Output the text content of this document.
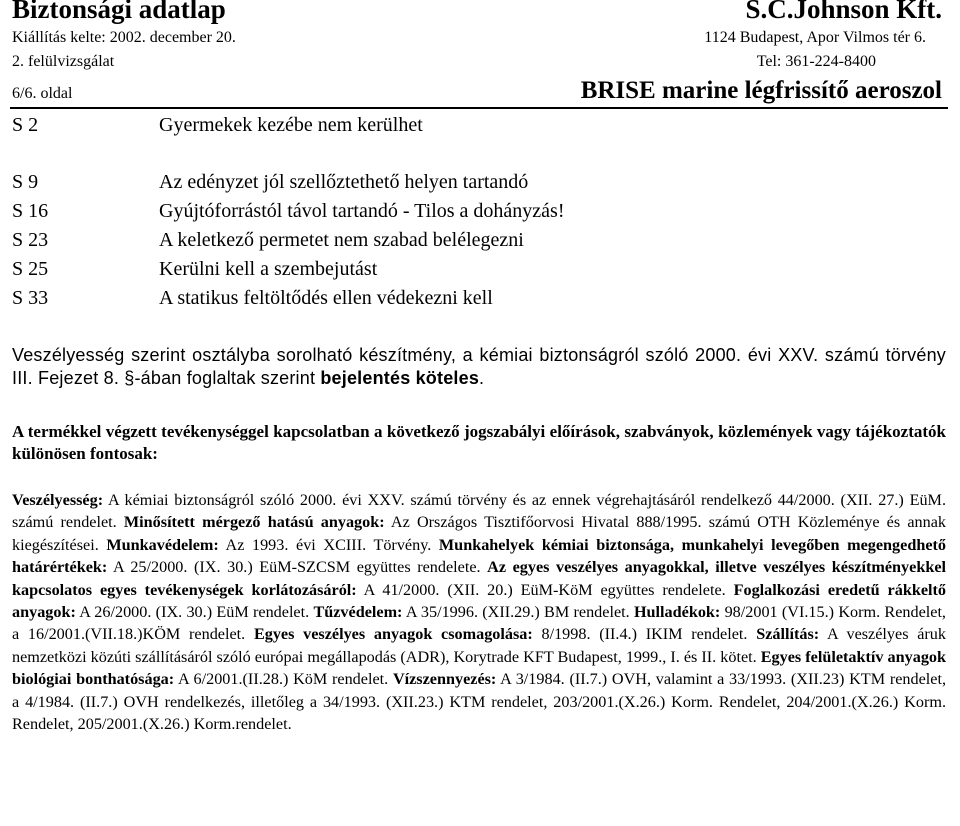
Biztonsági adatlap	S.C.Johnson Kft.
Kiállítás kelte: 2002. december 20.	1124 Budapest, Apor Vilmos tér 6.
2. felülvizsgálat	Tel: 361-224-8400
6/6. oldal	BRISE marine légfrissítő aeroszol
S 2	Gyermekek kezébe nem kerülhet
S 9	Az edényzet jól szellőztethető helyen tartandó
S 16	Gyújtóforrástól távol tartandó - Tilos a dohányzás!
S 23	A keletkező permetet nem szabad belélegezni
S 25	Kerülni kell a szembejutást
S 33	A statikus feltöltődés ellen védekezni kell
Veszélyesség szerint osztályba sorolható készítmény, a kémiai biztonságról szóló 2000. évi XXV. számú törvény III. Fejezet 8. §-ában foglaltak szerint bejelentés köteles.
A termékkel végzett tevékenységgel kapcsolatban a következő jogszabályi előírások, szabványok, közlemények vagy tájékoztatók különösen fontosak:
Veszélyesség: A kémiai biztonságról szóló 2000. évi XXV. számú törvény és az ennek végrehajtásáról rendelkező 44/2000. (XII. 27.) EüM. számú rendelet. Minősített mérgező hatású anyagok: Az Országos Tisztifőorvosi Hivatal 888/1995. számú OTH Közleménye és annak kiegészítései. Munkavédelem: Az 1993. évi XCIII. Törvény. Munkahelyek kémiai biztonsága, munkahelyi levegőben megengedhető határértékek: A 25/2000. (IX. 30.) EüM-SZCSM együttes rendelete. Az egyes veszélyes anyagokkal, illetve veszélyes készítményekkel kapcsolatos egyes tevékenységek korlátozásáról: A 41/2000. (XII. 20.) EüM-KöM együttes rendelete. Foglalkozási eredetű rákkeltő anyagok: A 26/2000. (IX. 30.) EüM rendelet. Tűzvédelem: A 35/1996. (XII.29.) BM rendelet. Hulladékok: 98/2001 (VI.15.) Korm. Rendelet, a 16/2001.(VII.18.)KÖM rendelet. Egyes veszélyes anyagok csomagolása: 8/1998. (II.4.) IKIM rendelet. Szállítás: A veszélyes áruk nemzetközi közúti szállításáról szóló európai megállapodás (ADR), Korytrade KFT Budapest, 1999., I. és II. kötet. Egyes felületaktív anyagok biológiai bonthatósága: A 6/2001.(II.28.) KöM rendelet. Vízszennyezés: A 3/1984. (II.7.) OVH, valamint a 33/1993. (XII.23) KTM rendelet, a 4/1984. (II.7.) OVH rendelkezés, illetőleg a 34/1993. (XII.23.) KTM rendelet, 203/2001.(X.26.) Korm. Rendelet, 204/2001.(X.26.) Korm. Rendelet, 205/2001.(X.26.) Korm.rendelet.
